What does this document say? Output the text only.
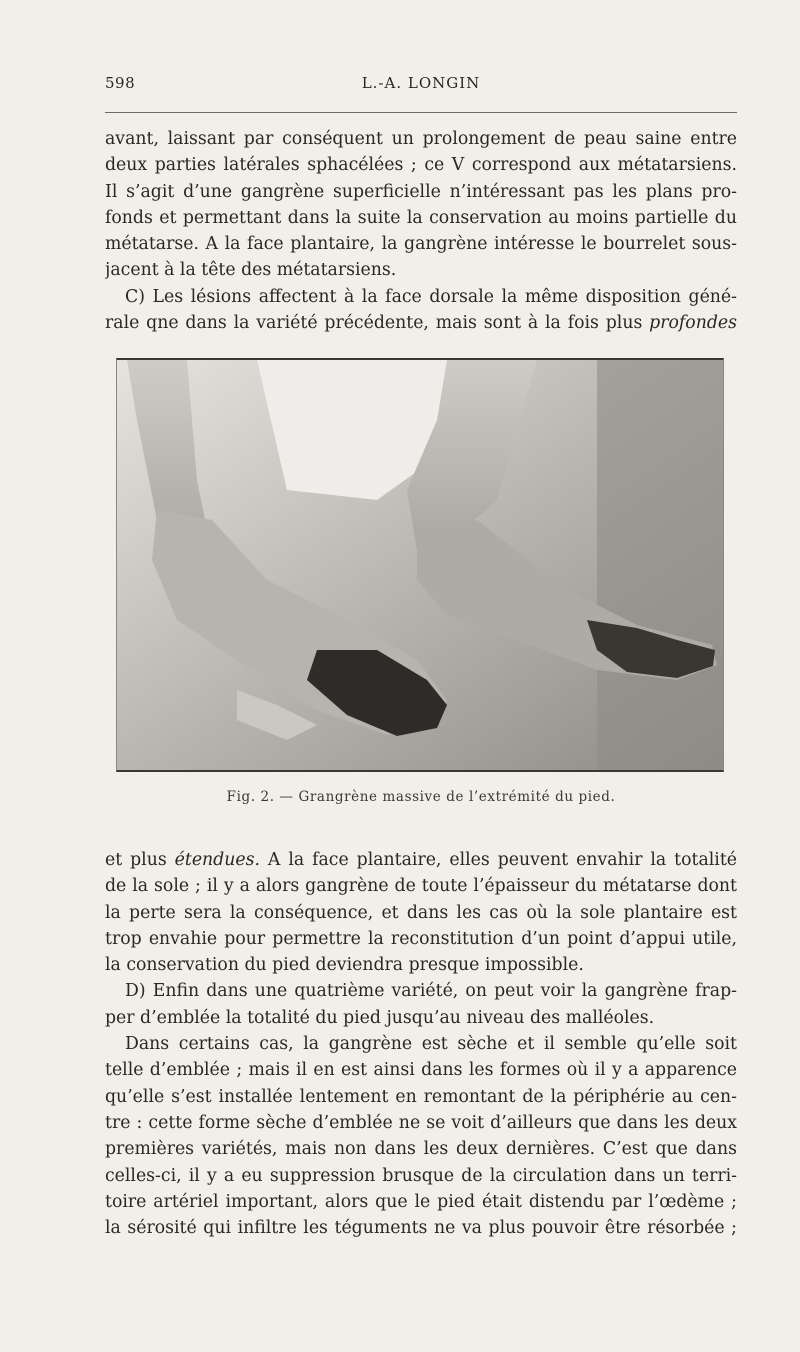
598	L.-A. LONGIN
avant, laissant par conséquent un prolongement de peau saine entre
deux parties latérales sphacélées ; ce V correspond aux métatarsiens.
Il s’agit d’une gangrène superficielle n’intéressant pas les plans pro-
fonds et permettant dans la suite la conservation au moins partielle du
métatarse. A la face plantaire, la gangrène intéresse le bourrelet sous-
jacent à la tête des métatarsiens.
C) Les lésions affectent à la face dorsale la même disposition géné-
rale qne dans la variété précédente, mais sont à la fois plus profondes
Fig. 2. — Grangrène massive de l’extrémité du pied.
et plus étendues. A la face plantaire, elles peuvent envahir la totalité
de la sole ; il y a alors gangrène de toute l’épaisseur du métatarse dont
la perte sera la conséquence, et dans les cas où la sole plantaire est
trop envahie pour permettre la reconstitution d’un point d’appui utile,
la conservation du pied deviendra presque impossible.
D) Enfin dans une quatrième variété, on peut voir la gangrène frap-
per d’emblée la totalité du pied jusqu’au niveau des malléoles.
Dans certains cas, la gangrène est sèche et il semble qu’elle soit
telle d’emblée ; mais il en est ainsi dans les formes où il y a apparence
qu’elle s’est installée lentement en remontant de la périphérie au cen-
tre : cette forme sèche d’emblée ne se voit d’ailleurs que dans les deux
premières variétés, mais non dans les deux dernières. C’est que dans
celles-ci, il y a eu suppression brusque de la circulation dans un terri-
toire artériel important, alors que le pied était distendu par l’œdème ;
la sérosité qui infiltre les téguments ne va plus pouvoir être résorbée ;
